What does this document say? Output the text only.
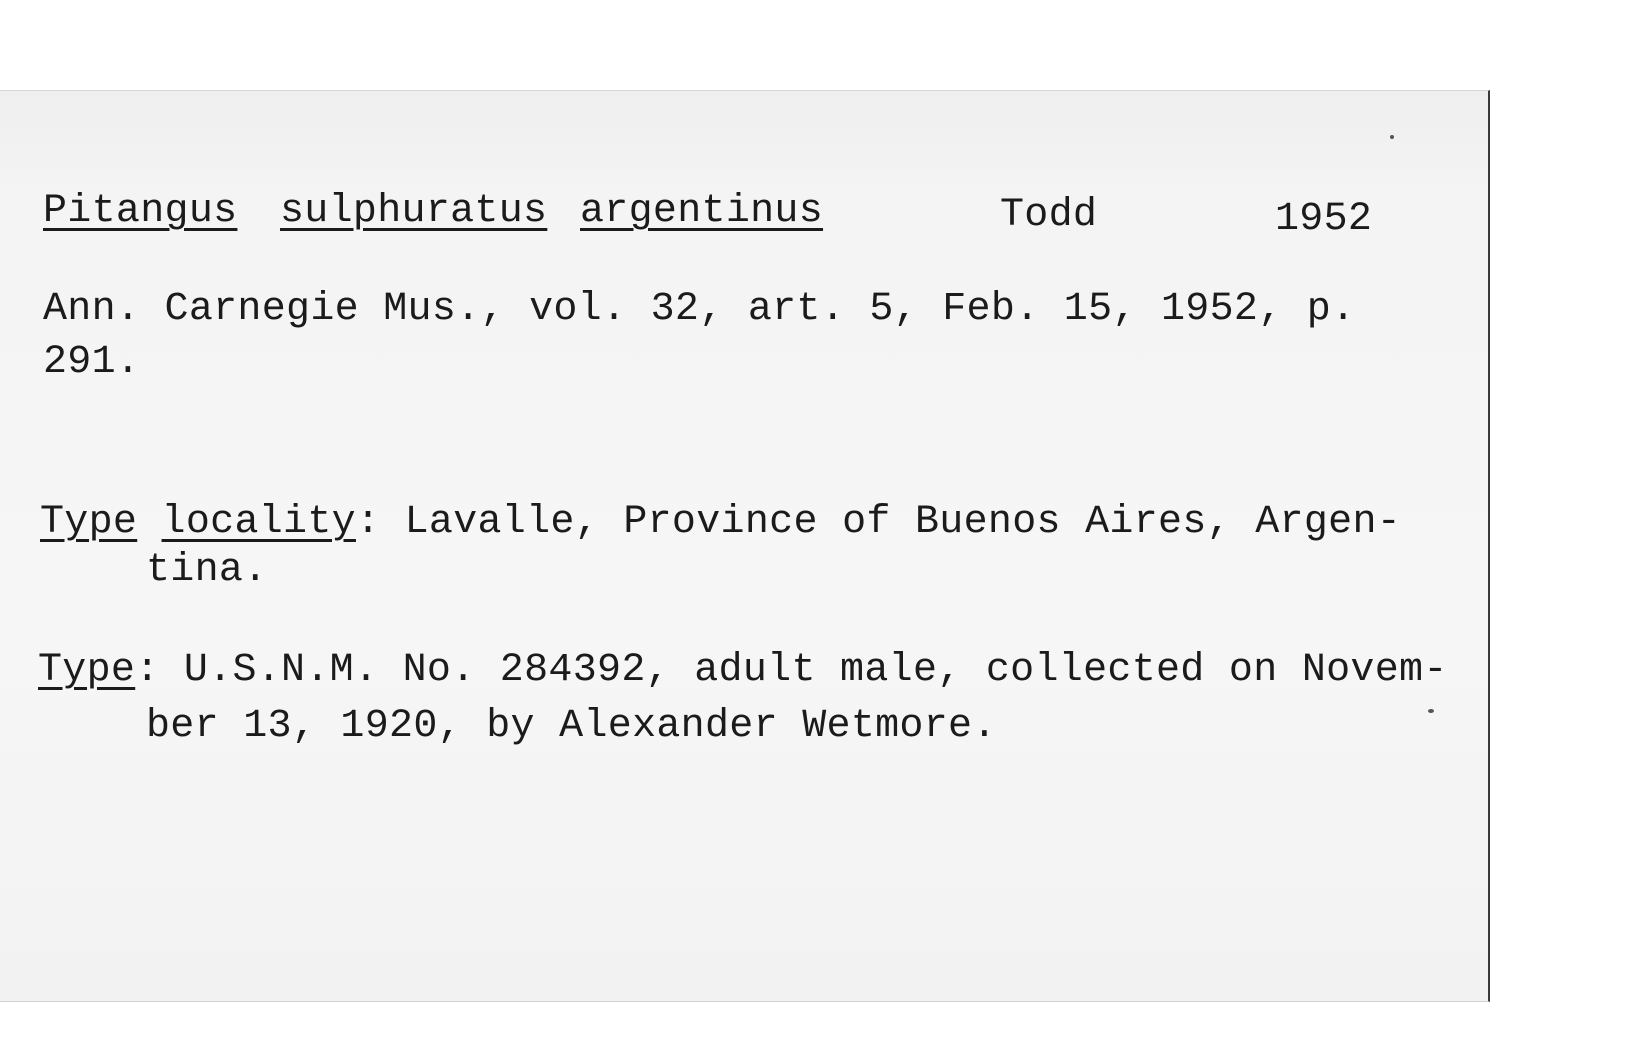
Pitangus sulphuratus argentinus	Todd	1952
Ann. Carnegie Mus., vol. 32, art. 5, Feb. 15, 1952, p.
291.
Type locality: Lavalle, Province of Buenos Aires, Argen-
tina.
Type: U.S.N.M. No. 284392, adult male, collected on Novem-
ber 13, 1920, by Alexander Wetmore.
